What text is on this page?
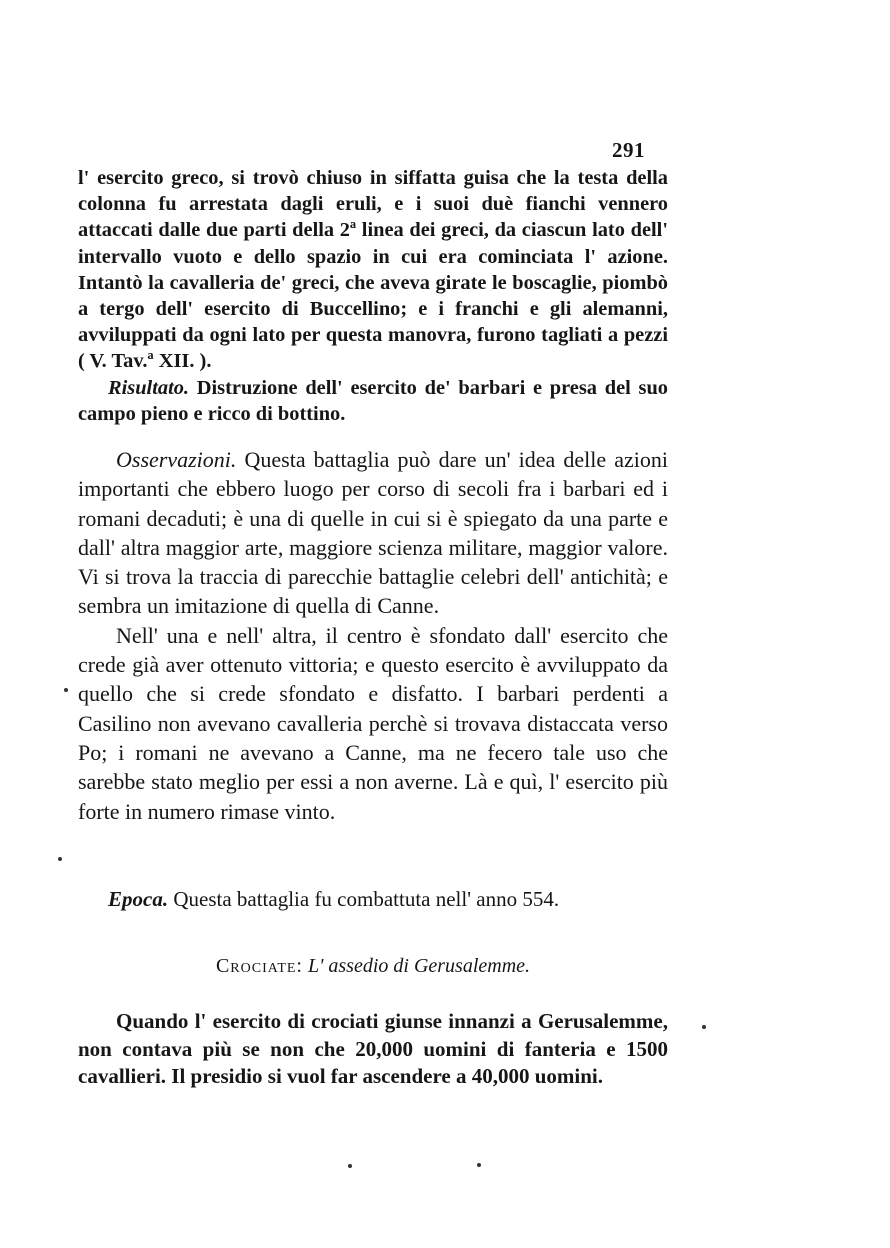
291

l' esercito greco, si trovò chiuso in siffatta guisa che la testa della colonna fu arrestata dagli eruli, e i suoi duè fianchi vennero attaccati dalle due parti della 2ª linea dei greci, da ciascun lato dell' intervallo vuoto e dello spazio in cui era cominciata l' azione. Intantò la cavalleria de' greci, che aveva girate le boscaglie, piombò a tergo dell' esercito di Buccellino; e i franchi e gli alemanni, avviluppati da ogni lato per questa manovra, furono tagliati a pezzi ( V. Tav.ª XII. ).

Risultato. Distruzione dell' esercito de' barbari e presa del suo campo pieno e ricco di bottino.

Osservazioni. Questa battaglia può dare un' idea delle azioni importanti che ebbero luogo per corso di secoli fra i barbari ed i romani decaduti; è una di quelle in cui si è spiegato da una parte e dall' altra maggior arte, maggiore scienza militare, maggior valore. Vi si trova la traccia di parecchie battaglie celebri dell' antichità; e sembra un imitazione di quella di Canne.

Nell' una e nell' altra, il centro è sfondato dall' esercito che crede già aver ottenuto vittoria; e questo esercito è avviluppato da quello che si crede sfondato e disfatto. I barbari perdenti a Casilino non avevano cavalleria perchè si trovava distaccata verso Po; i romani ne avevano a Canne, ma ne fecero tale uso che sarebbe stato meglio per essi a non averne. Là e quì, l' esercito più forte in numero rimase vinto.

Epoca. Questa battaglia fu combattuta nell' anno 554.

Crociate: L' assedio di Gerusalemme.

Quando l' esercito di crociati giunse innanzi a Gerusalemme, non contava più se non che 20,000 uomini di fanteria e 1500 cavallieri. Il presidio si vuol far ascendere a 40,000 uomini.
